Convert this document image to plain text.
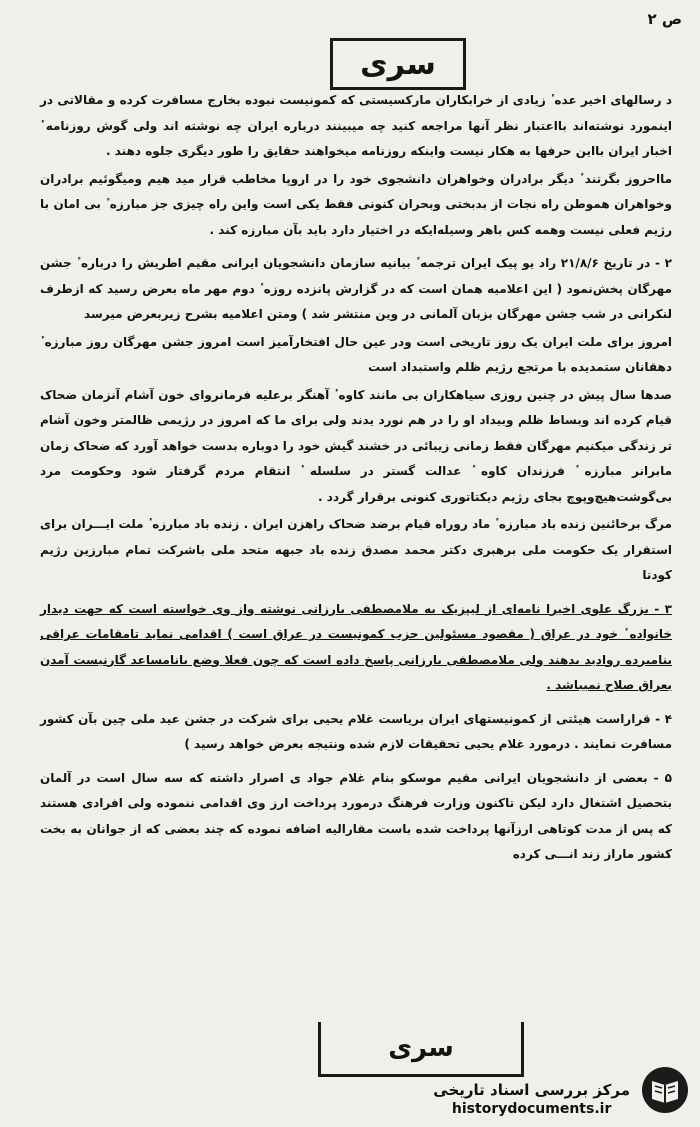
ص ۲
سری

د رسالهای اخیر عده ٔ زیادی از خرابکاران مارکسیستی که کمونیست نبوده بخارج مسافرت کرده و مقالاتی در اینمورد نوشته‌اند بااعتبار نظر آنها مراجعه کنید چه میبینند درباره ایران چه نوشته اند ولی گوش روزنامه ٔ اخبار ایران بااین حرفها به هکار نیست واینکه روزنامه میخواهند حقایق را طور دیگری جلوه دهند .

مااحروز بگرتند ٔ دیگر برادران وخواهران دانشجوی خود را در اروپا مخاطب قرار مید هیم ومیگوئیم برادران وخواهران هموطن راه نجات از بدبختی وبحران کنونی فقط یکی است واین راه چیزی جز مبارزه ٔ بی امان با رژیم فعلی نیست وهمه کس باهر وسیله‌ایکه در اختیار دارد باید بآن مبارزه کند .

۲ - در تاریخ ۲۱/۸/۶ راد یو پیک ایران ترجمه ٔ بیانیه سازمان دانشجویان ایرانی مقیم اطریش را درباره ٔ جشن مهرگان پخش‌نمود ( این اعلامیه همان است که در گزارش پانزده روزه ٔ دوم مهر ماه بعرض رسید که ازطرف لنکرانی در شب جشن مهرگان بزبان آلمانی در وین منتشر شد ) ومتن اعلامیه بشرح زیربعرض میرسد

امروز برای ملت ایران یک روز تاریخی است ودر عین حال افتخارآمیز است امروز جشن مهرگان روز مبارزه ٔ دهقانان ستمدیده با مرتجع رژیم ظلم واستبداد است

صدها سال پیش در چنین روزی سیاهکاران بی مانند کاوه ٔ آهنگر برعلیه فرمانروای خون آشام آنزمان ضحاک قیام کرده ‌اند وبساط ظلم وبیداد او را در هم نورد یدند ولی برای ما که امروز در رژیمی ظالمتر وخون آشام تر زندگی میکنیم مهرگان فقط زمانی زیبائی در خشند گیش خود را دوباره بدست خواهد آورد که ضحاک زمان مابرانر مبارزه ٔ فرزندان کاوه ٔ عدالت گستر در سلسله ٔ انتقام مردم گرفتار شود وحکومت مرد بی‌گوشت‌هیچ‌و‌پوچ بجای رژیم دیکتاتوری کنونی برقرار گردد .

مرگ برخائنین زنده باد مبارزه ٔ ماد روراه قیام برضد ضحاک راهزن ایران . زنده باد مبارزه ٔ ملت ایـــران برای استقرار یک حکومت ملی برهبری دکتر محمد مصدق زنده باد جبهه متحد ملی باشرکت تمام مبارزین رژیم کودتا

۳ - بزرگ علوی اخیرا نامه‌ای از لیپزیک به ملامصطفی بارزانی نوشته واز وی خواسته است که جهت دیدار خانواده ٔ خود در عراق ( مقصود مسئولین حزب کمونیست در عراق است ) اقدامی نماید تامقامات عراقی بنامبرده روادید بدهند ولی ملامصطفی بارزانی پاسخ داده است که چون فعلا وضع بانامساعد گارنیست آمدن بعراق صلاح نمیباشد .

۴ - قراراست هیئتی از کمونیستهای ایران بریاست غلام یحیی برای شرکت در جشن عید ملی چین بآن کشور مسافرت نمایند . درمورد غلام یحیی تحقیقات لازم شده ونتیجه بعرض خواهد رسید )

۵ - بعضی از دانشجویان ایرانی مقیم موسکو بنام غلام جواد ی اصرار داشته که سه سال است در آلمان بتحصیل اشتغال دارد لیکن تاکنون وزارت فرهنگ درمورد پرداخت ارز وی اقدامی ننموده ولی افرادی هستند که پس از مدت کوتاهی ارزآنها پرداخت شده باست مقاراليه اضافه نموده که چند بعضی که از جوانان به بخت کشور ماراز زند انـــی کرده

سری
مرکز بررسی اسناد تاریخی
historydocuments.ir
